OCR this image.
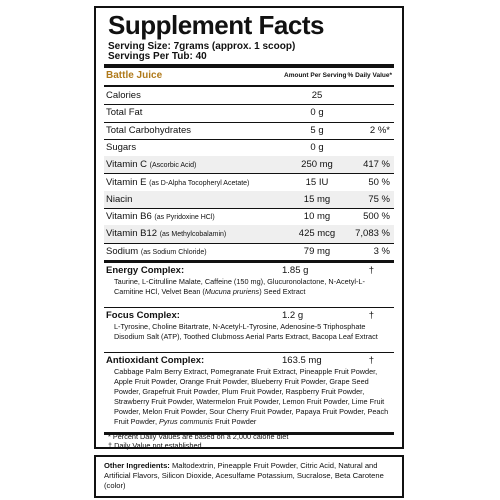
Supplement Facts
Serving Size: 7grams (approx. 1 scoop)
Servings Per Tub: 40
Battle Juice	Amount Per Serving % Daily Value*
Calories	25
Total Fat	0 g
Total Carbohydrates	5 g	2 %*
Sugars	0 g
Vitamin C (Ascorbic Acid)	250 mg	417 %
Vitamin E (as D-Alpha Tocopheryl Acetate)	15 IU	50 %
Niacin	15 mg	75 %
Vitamin B6 (as Pyridoxine HCl)	10 mg	500 %
Vitamin B12 (as Methylcobalamin)	425 mcg	7,083 %
Sodium (as Sodium Chloride)	79 mg	3 %
Energy Complex:	1.85 g	†
Taurine, L-Citrulline Malate, Caffeine (150 mg), Glucuronolactone, N-Acetyl-L-Carnitine HCl, Velvet Bean (Mucuna pruriens) Seed Extract
Focus Complex:	1.2 g	†
L-Tyrosine, Choline Bitartrate, N-Acetyl-L-Tyrosine, Adenosine-5 Triphosphate Disodium Salt (ATP), Toothed Clubmoss Aerial Parts Extract, Bacopa Leaf Extract
Antioxidant Complex:	163.5 mg	†
Cabbage Palm Berry Extract, Pomegranate Fruit Extract, Pineapple Fruit Powder, Apple Fruit Powder, Orange Fruit Powder, Blueberry Fruit Powder, Grape Seed Powder, Grapefruit Fruit Powder, Plum Fruit Powder, Raspberry Fruit Powder, Strawberry Fruit Powder, Watermelon Fruit Powder, Lemon Fruit Powder, Lime Fruit Powder, Melon Fruit Powder, Sour Cherry Fruit Powder, Papaya Fruit Powder, Peach Fruit Powder, Pyrus communis Fruit Powder
* Percent Daily Values are based on a 2,000 calorie diet
† Daily Value not established.
Other Ingredients: Maltodextrin, Pineapple Fruit Powder, Citric Acid, Natural and Artificial Flavors, Silicon Dioxide, Acesulfame Potassium, Sucralose, Beta Carotene (color)
